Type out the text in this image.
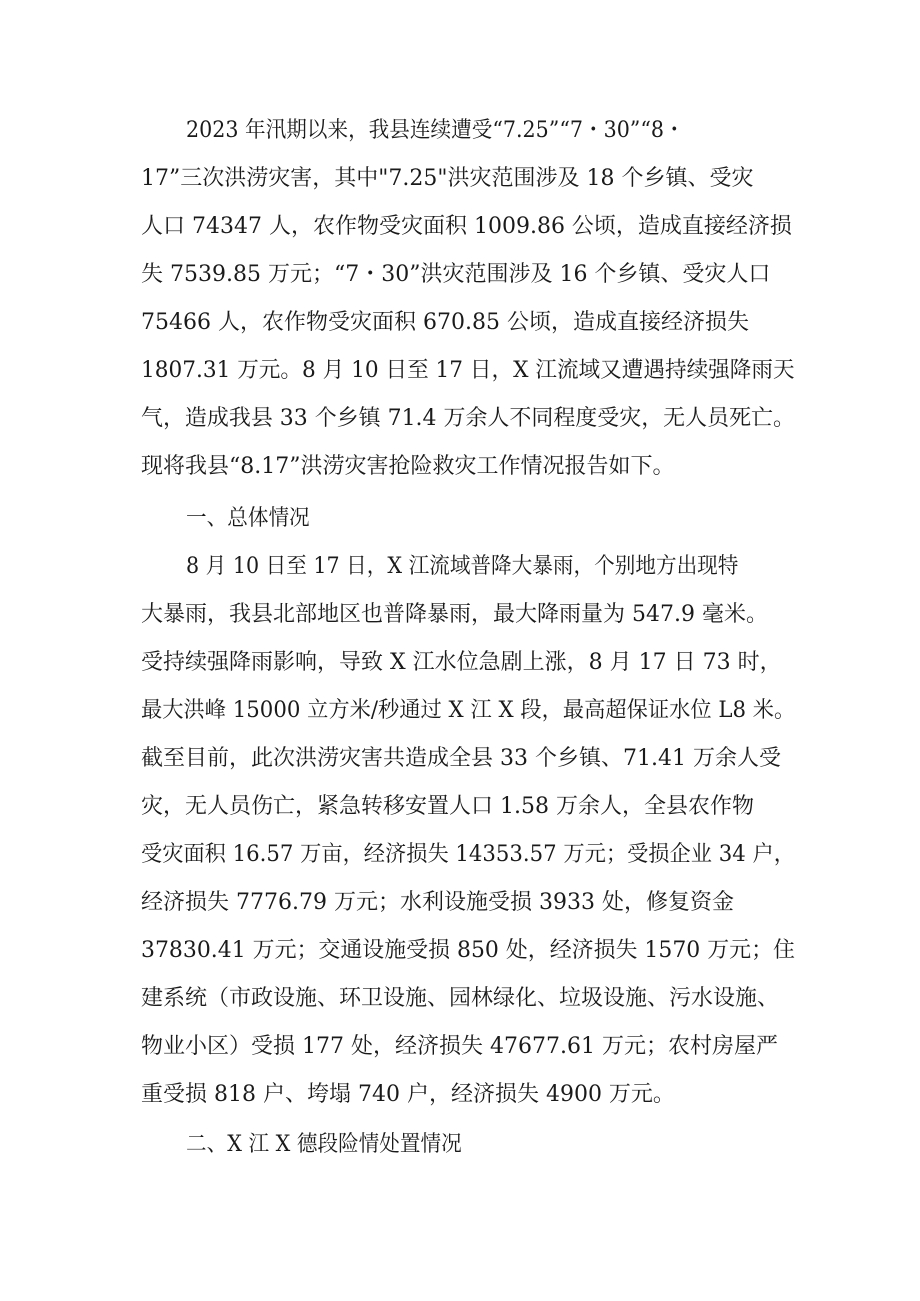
2023 年汛期以来，我县连续遭受“7.25”“7・30”“8・
17”三次洪涝灾害，其中"7.25"洪灾范围涉及 18 个乡镇、受灾
人口 74347 人，农作物受灾面积 1009.86 公顷，造成直接经济损
失 7539.85 万元；“7・30”洪灾范围涉及 16 个乡镇、受灾人口
75466 人，农作物受灾面积 670.85 公顷，造成直接经济损失
1807.31 万元。8 月 10 日至 17 日，X 江流域又遭遇持续强降雨天
气，造成我县 33 个乡镇 71.4 万余人不同程度受灾，无人员死亡。
现将我县“8.17”洪涝灾害抢险救灾工作情况报告如下。
一、总体情况
8 月 10 日至 17 日，X 江流域普降大暴雨，个别地方出现特
大暴雨，我县北部地区也普降暴雨，最大降雨量为 547.9 毫米。
受持续强降雨影响，导致 X 江水位急剧上涨，8 月 17 日 73 时，
最大洪峰 15000 立方米/秒通过 X 江 X 段，最高超保证水位 L8 米。
截至目前，此次洪涝灾害共造成全县 33 个乡镇、71.41 万余人受
灾，无人员伤亡，紧急转移安置人口 1.58 万余人，全县农作物
受灾面积 16.57 万亩，经济损失 14353.57 万元；受损企业 34 户，
经济损失 7776.79 万元；水利设施受损 3933 处，修复资金
37830.41 万元；交通设施受损 850 处，经济损失 1570 万元；住
建系统（市政设施、环卫设施、园林绿化、垃圾设施、污水设施、
物业小区）受损 177 处，经济损失 47677.61 万元；农村房屋严
重受损 818 户、垮塌 740 户，经济损失 4900 万元。
二、X 江 X 德段险情处置情况
